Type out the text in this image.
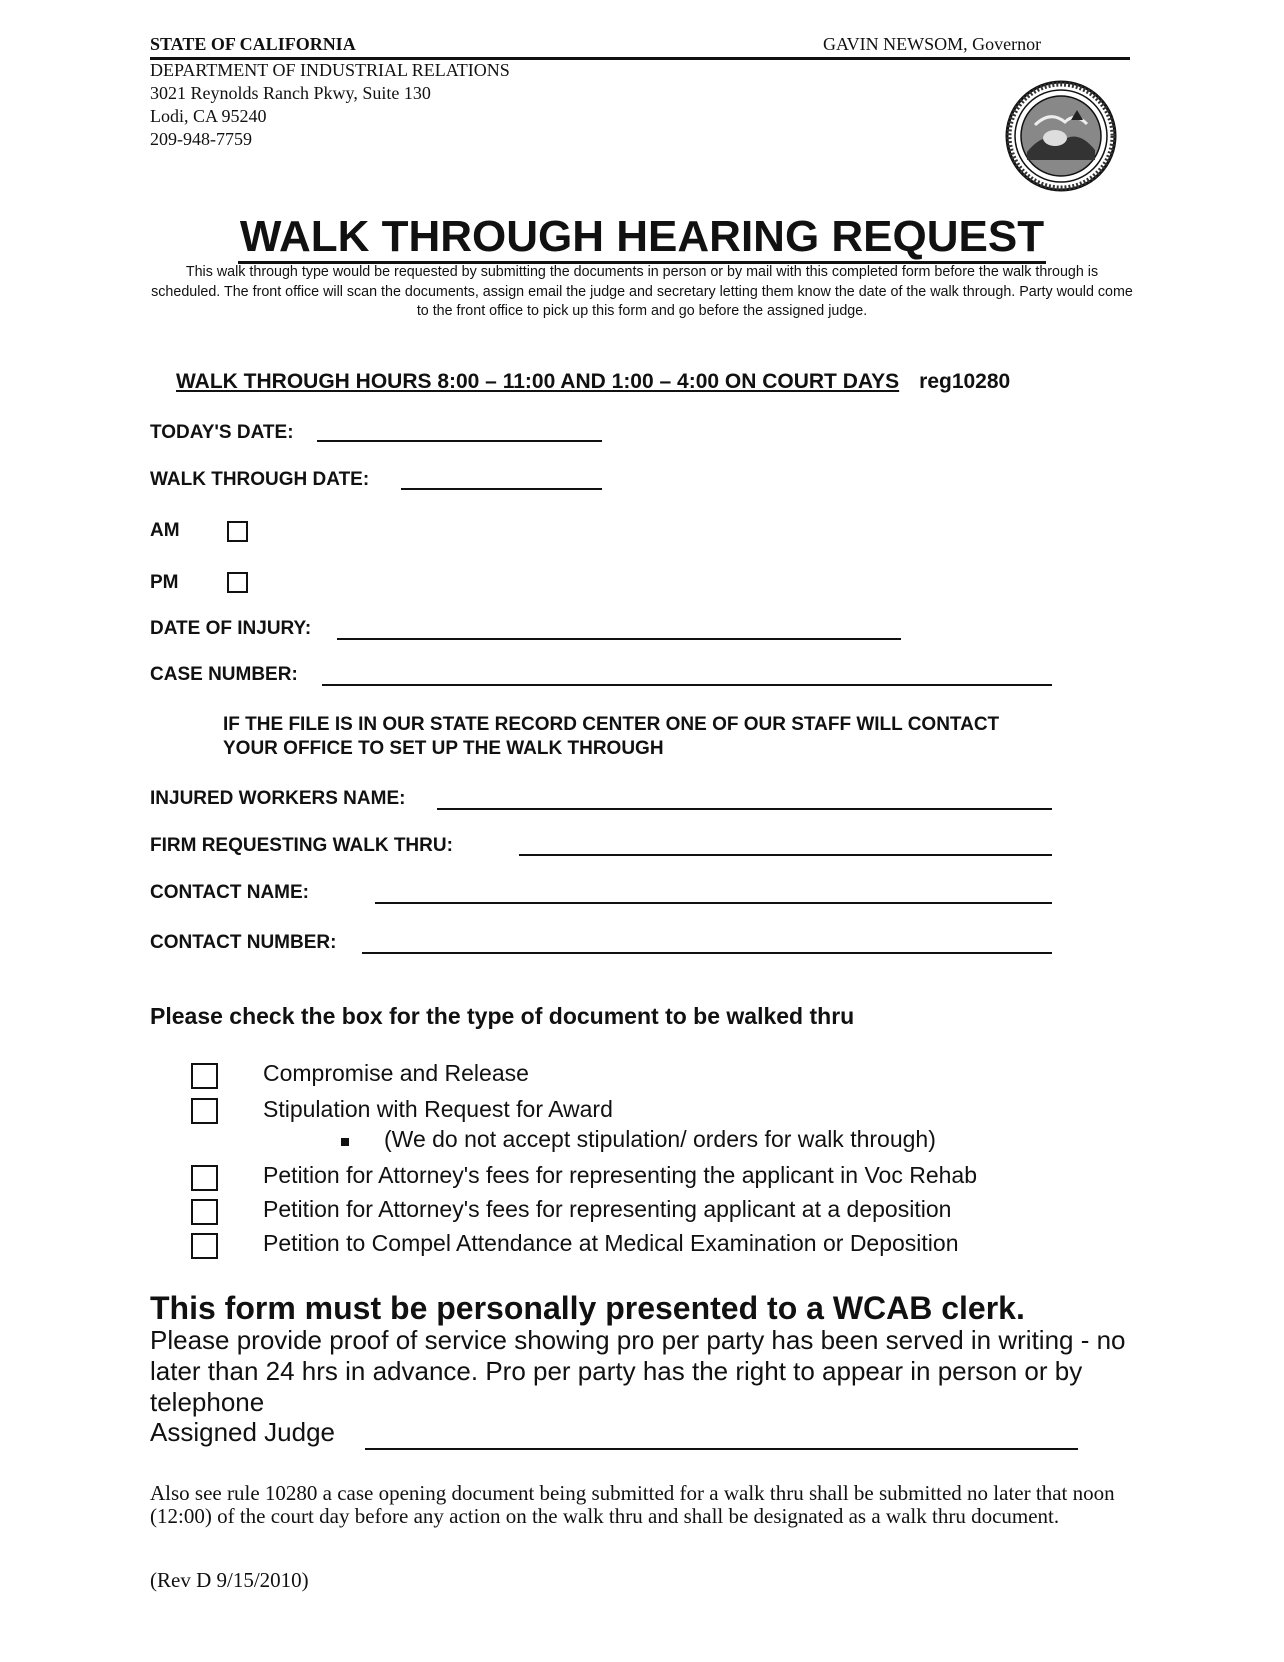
STATE OF CALIFORNIA	GAVIN NEWSOM, Governor
DEPARTMENT OF INDUSTRIAL RELATIONS
3021 Reynolds Ranch Pkwy, Suite 130
Lodi, CA 95240
209-948-7759
WALK THROUGH HEARING REQUEST
This walk through type would be requested by submitting the documents in person or by mail with this completed form before the walk through is scheduled. The front office will scan the documents, assign email the judge and secretary letting them know the date of the walk through. Party would come to the front office to pick up this form and go before the assigned judge.
WALK THROUGH HOURS 8:00 – 11:00 AND 1:00 – 4:00 ON COURT DAYS reg10280
TODAY'S DATE:
WALK THROUGH DATE:
AM
PM
DATE OF INJURY:
CASE NUMBER:
IF THE FILE IS IN OUR STATE RECORD CENTER ONE OF OUR STAFF WILL CONTACT
YOUR OFFICE TO SET UP THE WALK THROUGH
INJURED WORKERS NAME:
FIRM REQUESTING WALK THRU:
CONTACT NAME:
CONTACT NUMBER:
Please check the box for the type of document to be walked thru
Compromise and Release
Stipulation with Request for Award
(We do not accept stipulation/ orders for walk through)
Petition for Attorney's fees for representing the applicant in Voc Rehab
Petition for Attorney's fees for representing applicant at a deposition
Petition to Compel Attendance at Medical Examination or Deposition
This form must be personally presented to a WCAB clerk.
Please provide proof of service showing pro per party has been served in writing - no later than 24 hrs in advance. Pro per party has the right to appear in person or by telephone
Assigned Judge
Also see rule 10280 a case opening document being submitted for a walk thru shall be submitted no later that noon (12:00) of the court day before any action on the walk thru and shall be designated as a walk thru document.
(Rev D 9/15/2010)
